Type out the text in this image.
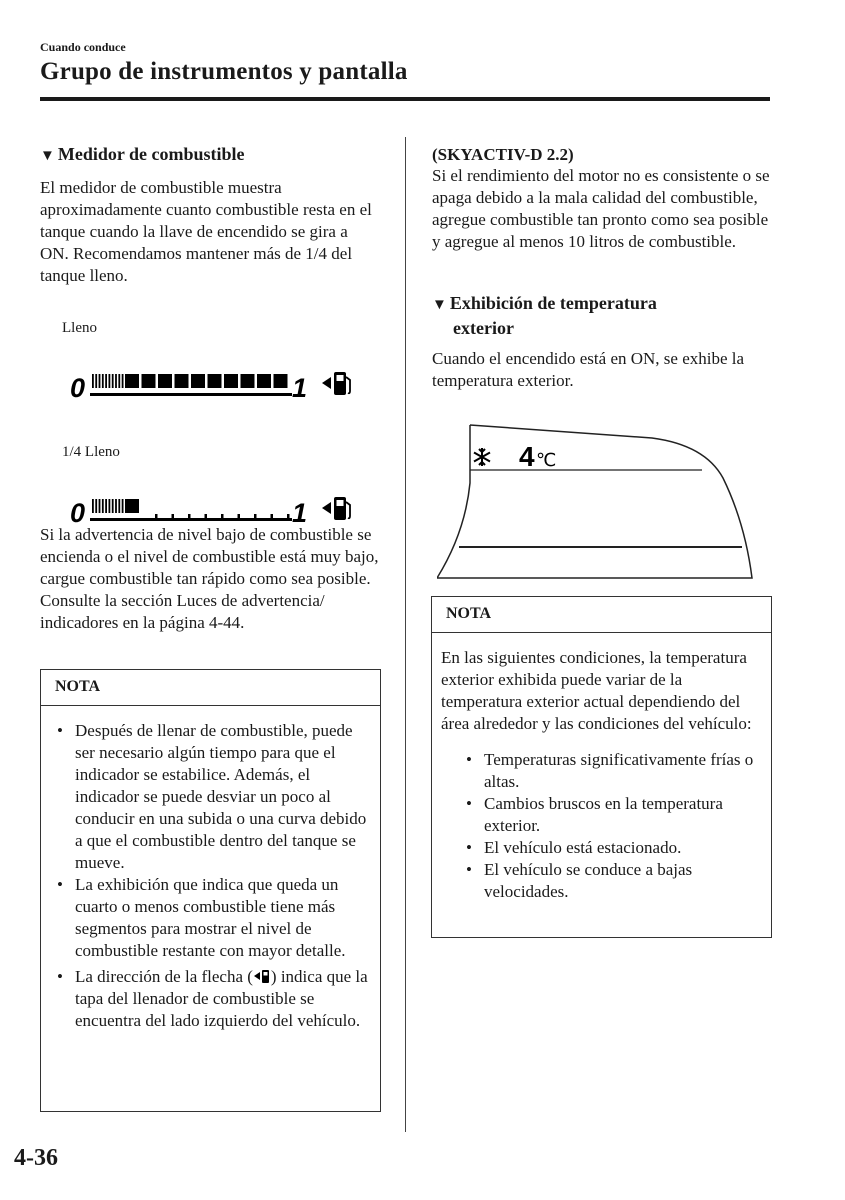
Cuando conduce
Grupo de instrumentos y pantalla
▼ Medidor de combustible
El medidor de combustible muestra aproximadamente cuanto combustible resta en el tanque cuando la llave de encendido se gira a ON. Recomendamos mantener más de 1/4 del tanque lleno.
Lleno
0	1
1/4 Lleno
0	1
Si la advertencia de nivel bajo de combustible se encienda o el nivel de combustible está muy bajo, cargue combustible tan rápido como sea posible. Consulte la sección Luces de advertencia/ indicadores en la página 4-44.
NOTA
• Después de llenar de combustible, puede ser necesario algún tiempo para que el indicador se estabilice. Además, el indicador se puede desviar un poco al conducir en una subida o una curva debido a que el combustible dentro del tanque se mueve.
• La exhibición que indica que queda un cuarto o menos combustible tiene más segmentos para mostrar el nivel de combustible restante con mayor detalle.
• La dirección de la flecha ( ) indica que la tapa del llenador de combustible se encuentra del lado izquierdo del vehículo.
(SKYACTIV-D 2.2)
Si el rendimiento del motor no es consistente o se apaga debido a la mala calidad del combustible, agregue combustible tan pronto como sea posible y agregue al menos 10 litros de combustible.
▼ Exhibición de temperatura
exterior
Cuando el encendido está en ON, se exhibe la temperatura exterior.
4 ℃
NOTA
En las siguientes condiciones, la temperatura exterior exhibida puede variar de la temperatura exterior actual dependiendo del área alrededor y las condiciones del vehículo:
• Temperaturas significativamente frías o altas.
• Cambios bruscos en la temperatura exterior.
• El vehículo está estacionado.
• El vehículo se conduce a bajas velocidades.
4-36
